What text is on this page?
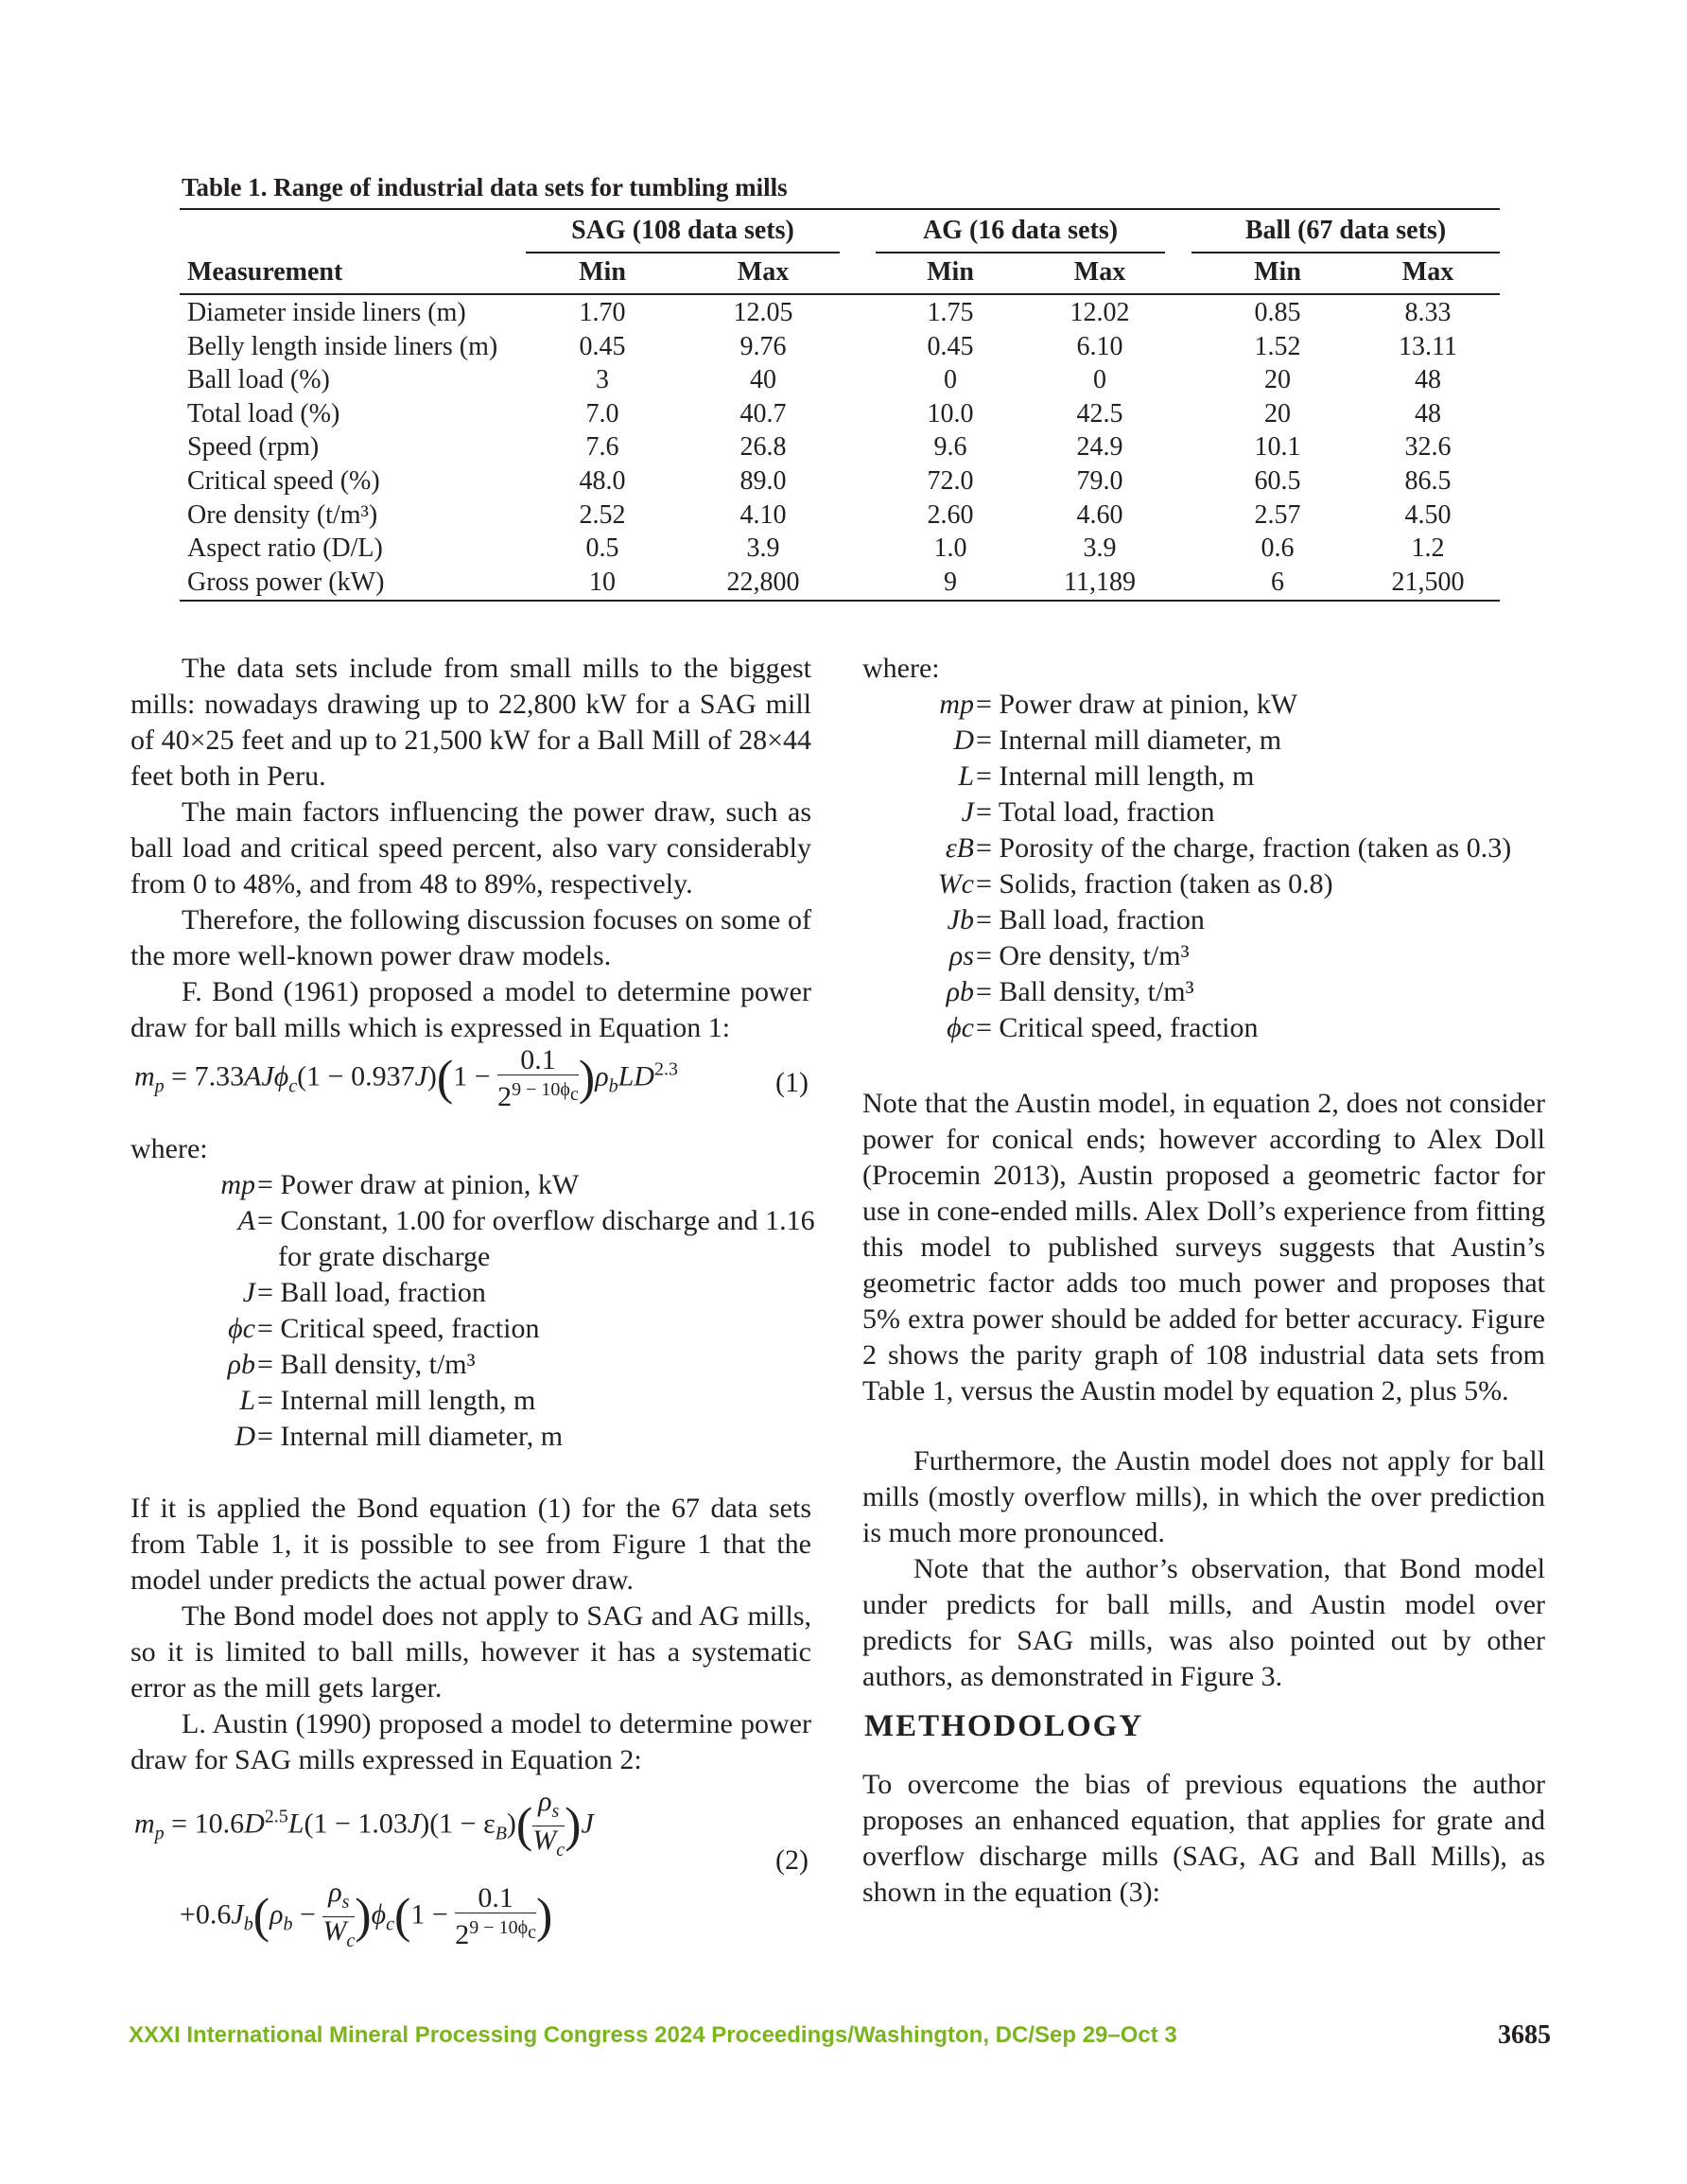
Table 1. Range of industrial data sets for tumbling mills
SAG (108 data sets)	AG (16 data sets)	Ball (67 data sets)
Measurement	Min	Max	Min	Max	Min	Max
Diameter inside liners (m)	1.70	12.05	1.75	12.02	0.85	8.33
Belly length inside liners (m)	0.45	9.76	0.45	6.10	1.52	13.11
Ball load (%)	3	40	0	0	20	48
Total load (%)	7.0	40.7	10.0	42.5	20	48
Speed (rpm)	7.6	26.8	9.6	24.9	10.1	32.6
Critical speed (%)	48.0	89.0	72.0	79.0	60.5	86.5
Ore density (t/m³)	2.52	4.10	2.60	4.60	2.57	4.50
Aspect ratio (D/L)	0.5	3.9	1.0	3.9	0.6	1.2
Gross power (kW)	10	22,800	9	11,189	6	21,500
The data sets include from small mills to the biggest mills: nowadays drawing up to 22,800 kW for a SAG mill of 40×25 feet and up to 21,500 kW for a Ball Mill of 28×44 feet both in Peru.
The main factors influencing the power draw, such as ball load and critical speed percent, also vary considerably from 0 to 48%, and from 48 to 89%, respectively.
Therefore, the following discussion focuses on some of the more well-known power draw models.
F. Bond (1961) proposed a model to determine power draw for ball mills which is expressed in Equation 1:
$m_p = 7.33AJ\phi_c(1 - 0.937J)(1 - \frac{0.1}{2^{9 - 10\phi_c}} )\rho_bLD^{2.3}$	(1)
where:
mp = Power draw at pinion, kW
A = Constant, 1.00 for overflow discharge and 1.16
for grate discharge
J = Ball load, fraction
ϕc = Critical speed, fraction
ρb = Ball density, t/m³
L = Internal mill length, m
D = Internal mill diameter, m
If it is applied the Bond equation (1) for the 67 data sets from Table 1, it is possible to see from Figure 1 that the model under predicts the actual power draw.
The Bond model does not apply to SAG and AG mills, so it is limited to ball mills, however it has a systematic error as the mill gets larger.
L. Austin (1990) proposed a model to determine power draw for SAG mills expressed in Equation 2:
$m_p = 10.6D^{2.5}L(1 - 1.03J)(1 - \varepsilon_B)( \frac{\rho_s}{W_c} )J$
$+0.6J_b(\rho_b - \frac{\rho_s}{W_c} )\phi_c(1 - \frac{0.1}{2^{9 - 10\phi_c}}$ )
(2)
where:
mp = Power draw at pinion, kW
D = Internal mill diameter, m
L = Internal mill length, m
J = Total load, fraction
εB = Porosity of the charge, fraction (taken as 0.3)
Wc = Solids, fraction (taken as 0.8)
Jb = Ball load, fraction
ρs = Ore density, t/m³
ρb = Ball density, t/m³
ϕc = Critical speed, fraction
Note that the Austin model, in equation 2, does not consider power for conical ends; however according to Alex Doll (Procemin 2013), Austin proposed a geometric factor for use in cone-ended mills. Alex Doll’s experience from fitting this model to published surveys suggests that Austin’s geometric factor adds too much power and proposes that 5% extra power should be added for better accuracy. Figure 2 shows the parity graph of 108 industrial data sets from Table 1, versus the Austin model by equation 2, plus 5%.
Furthermore, the Austin model does not apply for ball mills (mostly overflow mills), in which the over prediction is much more pronounced.
Note that the author’s observation, that Bond model under predicts for ball mills, and Austin model over predicts for SAG mills, was also pointed out by other authors, as demonstrated in Figure 3.
METHODOLOGY
To overcome the bias of previous equations the author proposes an enhanced equation, that applies for grate and overflow discharge mills (SAG, AG and Ball Mills), as shown in the equation (3):
XXXI International Mineral Processing Congress 2024 Proceedings/Washington, DC/Sep 29–Oct 3	3685
